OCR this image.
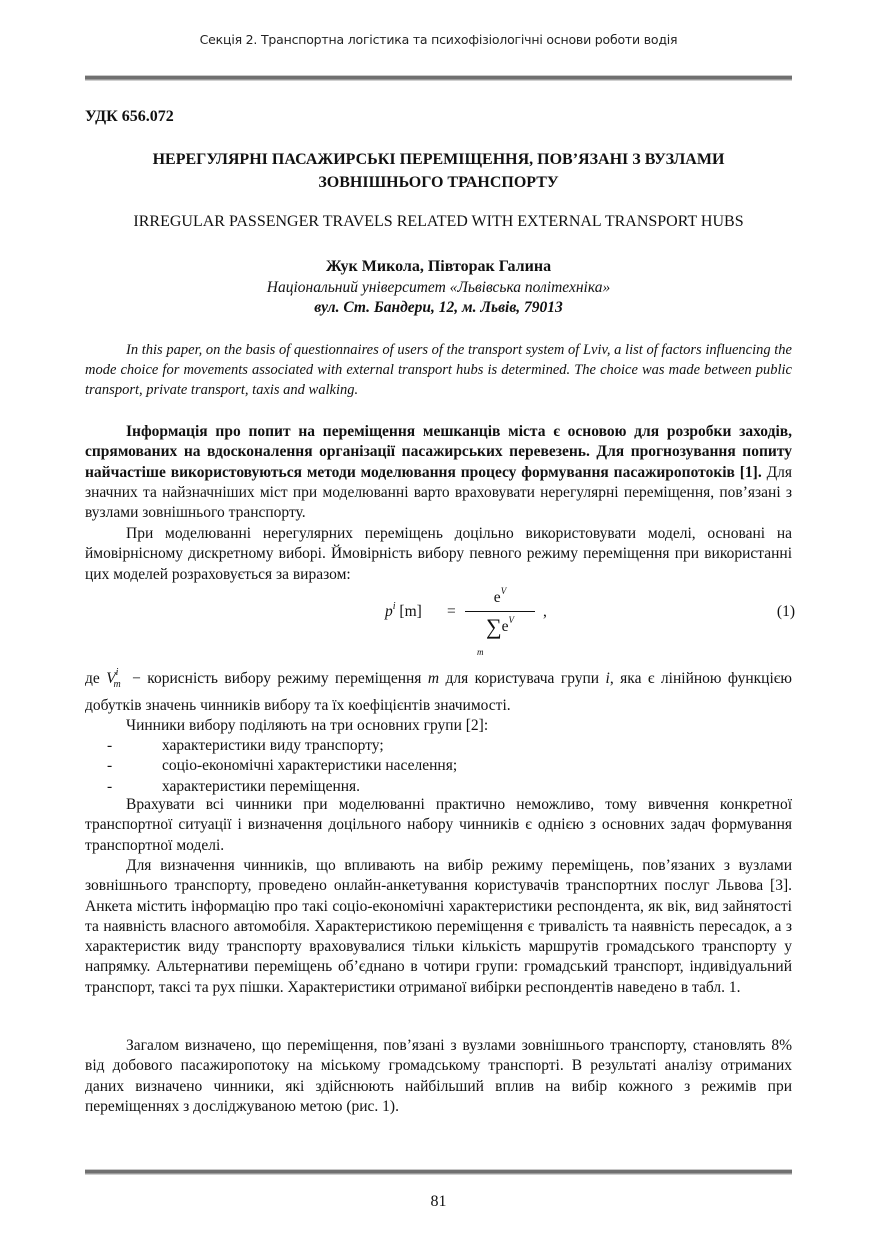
Секція 2. Транспортна логістика та психофізіологічні основи роботи водія
УДК 656.072
НЕРЕГУЛЯРНІ ПАСАЖИРСЬКІ ПЕРЕМІЩЕННЯ, ПОВ’ЯЗАНІ З ВУЗЛАМИ
ЗОВНІШНЬОГО ТРАНСПОРТУ
IRREGULAR PASSENGER TRAVELS RELATED WITH EXTERNAL TRANSPORT HUBS
Жук Микола, Півторак Галина
Національний університет «Львівська політехніка»
вул. Ст. Бандери, 12, м. Львів, 79013
In this paper, on the basis of questionnaires of users of the transport system of Lviv, a list of factors influencing the mode choice for movements associated with external transport hubs is determined. The choice was made between public transport, private transport, taxis and walking.

Інформація про попит на переміщення мешканців міста є основою для розробки заходів, спрямованих на вдосконалення організації пасажирських перевезень. Для прогнозування попиту найчастіше використовуються методи моделювання процесу формування пасажиропотоків [1]. Для значних та найзначніших міст при моделюванні варто враховувати нерегулярні переміщення, пов’язані з вузлами зовнішнього транспорту.

При моделюванні нерегулярних переміщень доцільно використовувати моделі, основані на ймовірнісному дискретному виборі. Ймовірність вибору певного режиму переміщення при використанні цих моделей розраховується за виразом:

$p^i$ [m] =
$e^V$
$\sum e^V$
m
,	(1)

де $V^i_m$ − корисність вибору режиму переміщення m для користувача групи i, яка є лінійною функцією добутків значень чинників вибору та їх коефіцієнтів значимості.

Чинники вибору поділяють на три основних групи [2]:

-	характеристики виду транспорту;
-	соціо-економічні характеристики населення;
-	характеристики переміщення.

Врахувати всі чинники при моделюванні практично неможливо, тому вивчення конкретної транспортної ситуації і визначення доцільного набору чинників є однією з основних задач формування транспортної моделі.

Для визначення чинників, що впливають на вибір режиму переміщень, пов’язаних з вузлами зовнішнього транспорту, проведено онлайн-анкетування користувачів транспортних послуг Львова [3]. Анкета містить інформацію про такі соціо-економічні характеристики респондента, як вік, вид зайнятості та наявність власного автомобіля. Характеристикою переміщення є тривалість та наявність пересадок, а з характеристик виду транспорту враховувалися тільки кількість маршрутів громадського транспорту у напрямку. Альтернативи переміщень об’єднано в чотири групи: громадський транспорт, індивідуальний транспорт, таксі та рух пішки. Характеристики отриманої вибірки респондентів наведено в табл. 1.

Загалом визначено, що переміщення, пов’язані з вузлами зовнішнього транспорту, становлять 8% від добового пасажиропотоку на міському громадському транспорті. В результаті аналізу отриманих даних визначено чинники, які здійснюють найбільший вплив на вибір кожного з режимів при переміщеннях з досліджуваною метою (рис. 1).

81
